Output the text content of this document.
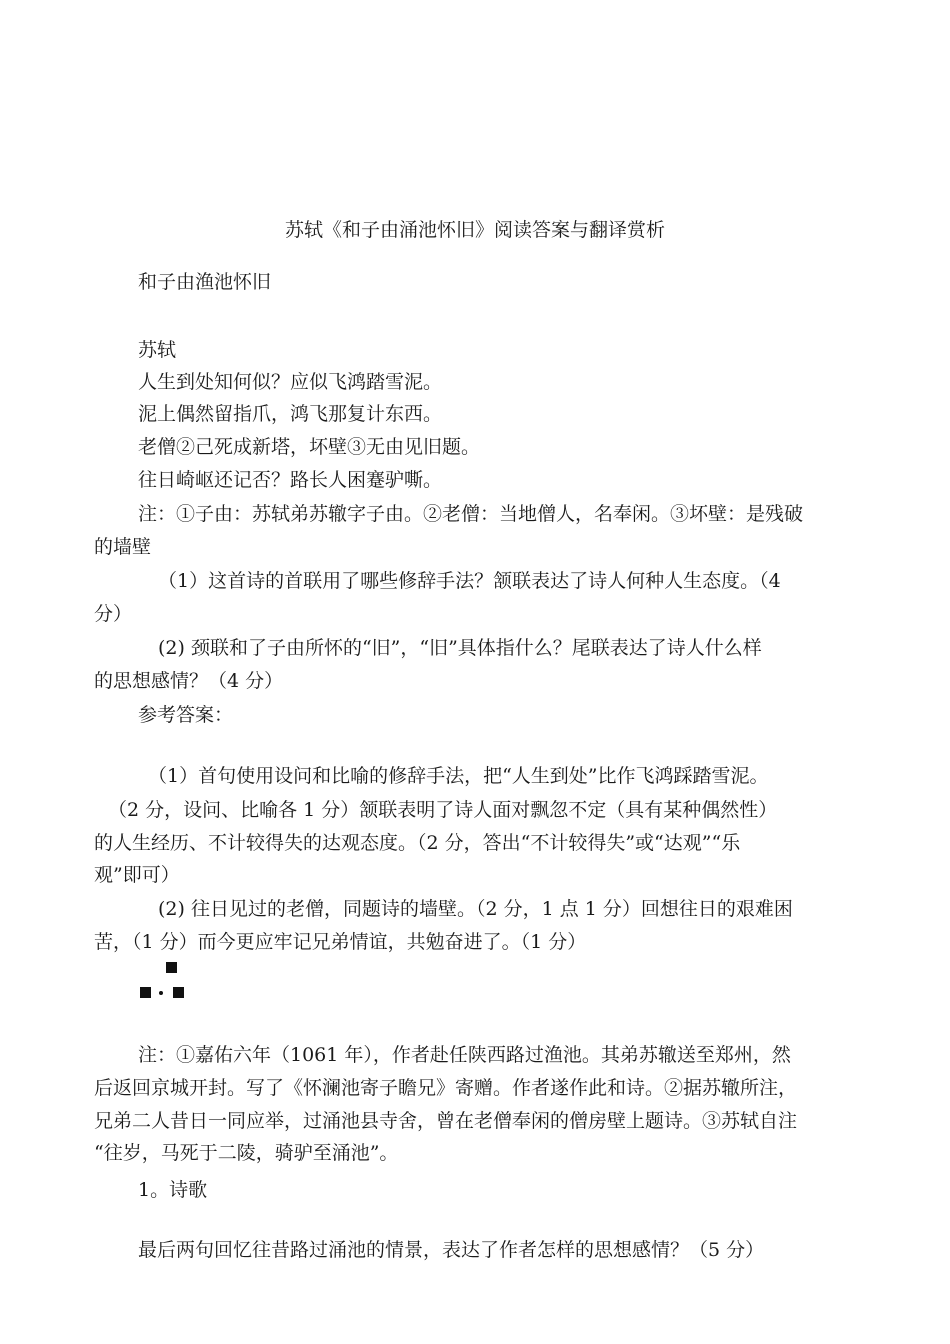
苏轼《和子由涌池怀旧》阅读答案与翻译赏析
和子由渔池怀旧
苏轼
人生到处知何似？应似飞鸿踏雪泥。
泥上偶然留指爪，鸿飞那复计东西。
老僧②己死成新塔，坏壁③无由见旧题。
往日崎岖还记否？路长人困蹇驴嘶。
注：①子由：苏轼弟苏辙字子由。②老僧：当地僧人，名奉闲。③坏壁：是残破
的墙壁
（1）这首诗的首联用了哪些修辞手法？颔联表达了诗人何种人生态度。（4
分）
(2) 颈联和了子由所怀的“旧”，“旧”具体指什么？尾联表达了诗人什么样
的思想感情？（4 分）
参考答案：
（1）首句使用设问和比喻的修辞手法，把“人生到处”比作飞鸿踩踏雪泥。
（2 分，设问、比喻各 1 分）颔联表明了诗人面对飘忽不定（具有某种偶然性）
的人生经历、不计较得失的达观态度。（2 分，答出“不计较得失”或“达观”“乐
观”即可）
(2) 往日见过的老僧，同题诗的墙壁。（2 分，1 点 1 分）回想往日的艰难困
苦，（1 分）而今更应牢记兄弟情谊，共勉奋进了。（1 分）
注：①嘉佑六年（1061 年），作者赴任陕西路过渔池。其弟苏辙送至郑州，然
后返回京城开封。写了《怀澜池寄子瞻兄》寄赠。作者遂作此和诗。②据苏辙所注，
兄弟二人昔日一同应举，过涌池县寺舍，曾在老僧奉闲的僧房壁上题诗。③苏轼自注
“往岁，马死于二陵，骑驴至涌池”。
1。诗歌
最后两句回忆往昔路过涌池的情景，表达了作者怎样的思想感情？（5 分）
